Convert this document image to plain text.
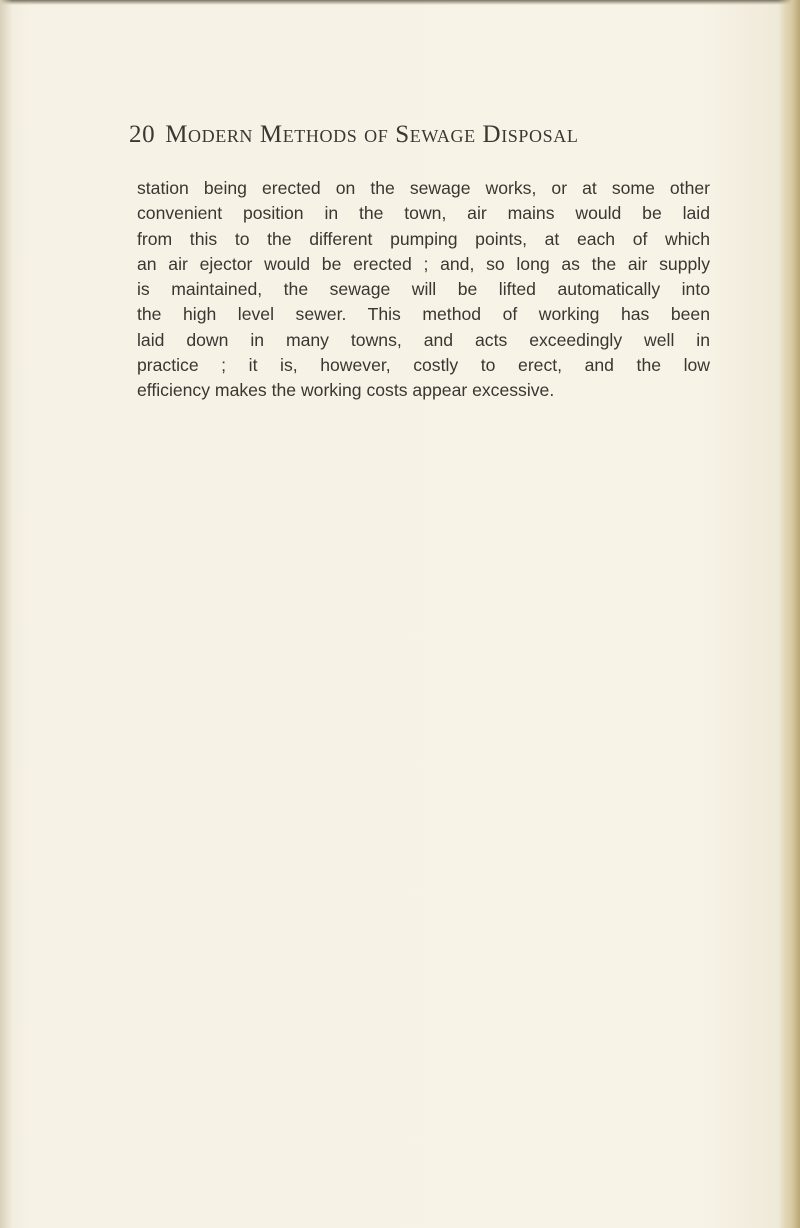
20 Modern Methods of Sewage Disposal
station being erected on the sewage works, or at some other
convenient position in the town, air mains would be laid
from this to the different pumping points, at each of which
an air ejector would be erected ; and, so long as the air supply
is maintained, the sewage will be lifted automatically into
the high level sewer. This method of working has been
laid down in many towns, and acts exceedingly well in
practice ; it is, however, costly to erect, and the low
efficiency makes the working costs appear excessive.
